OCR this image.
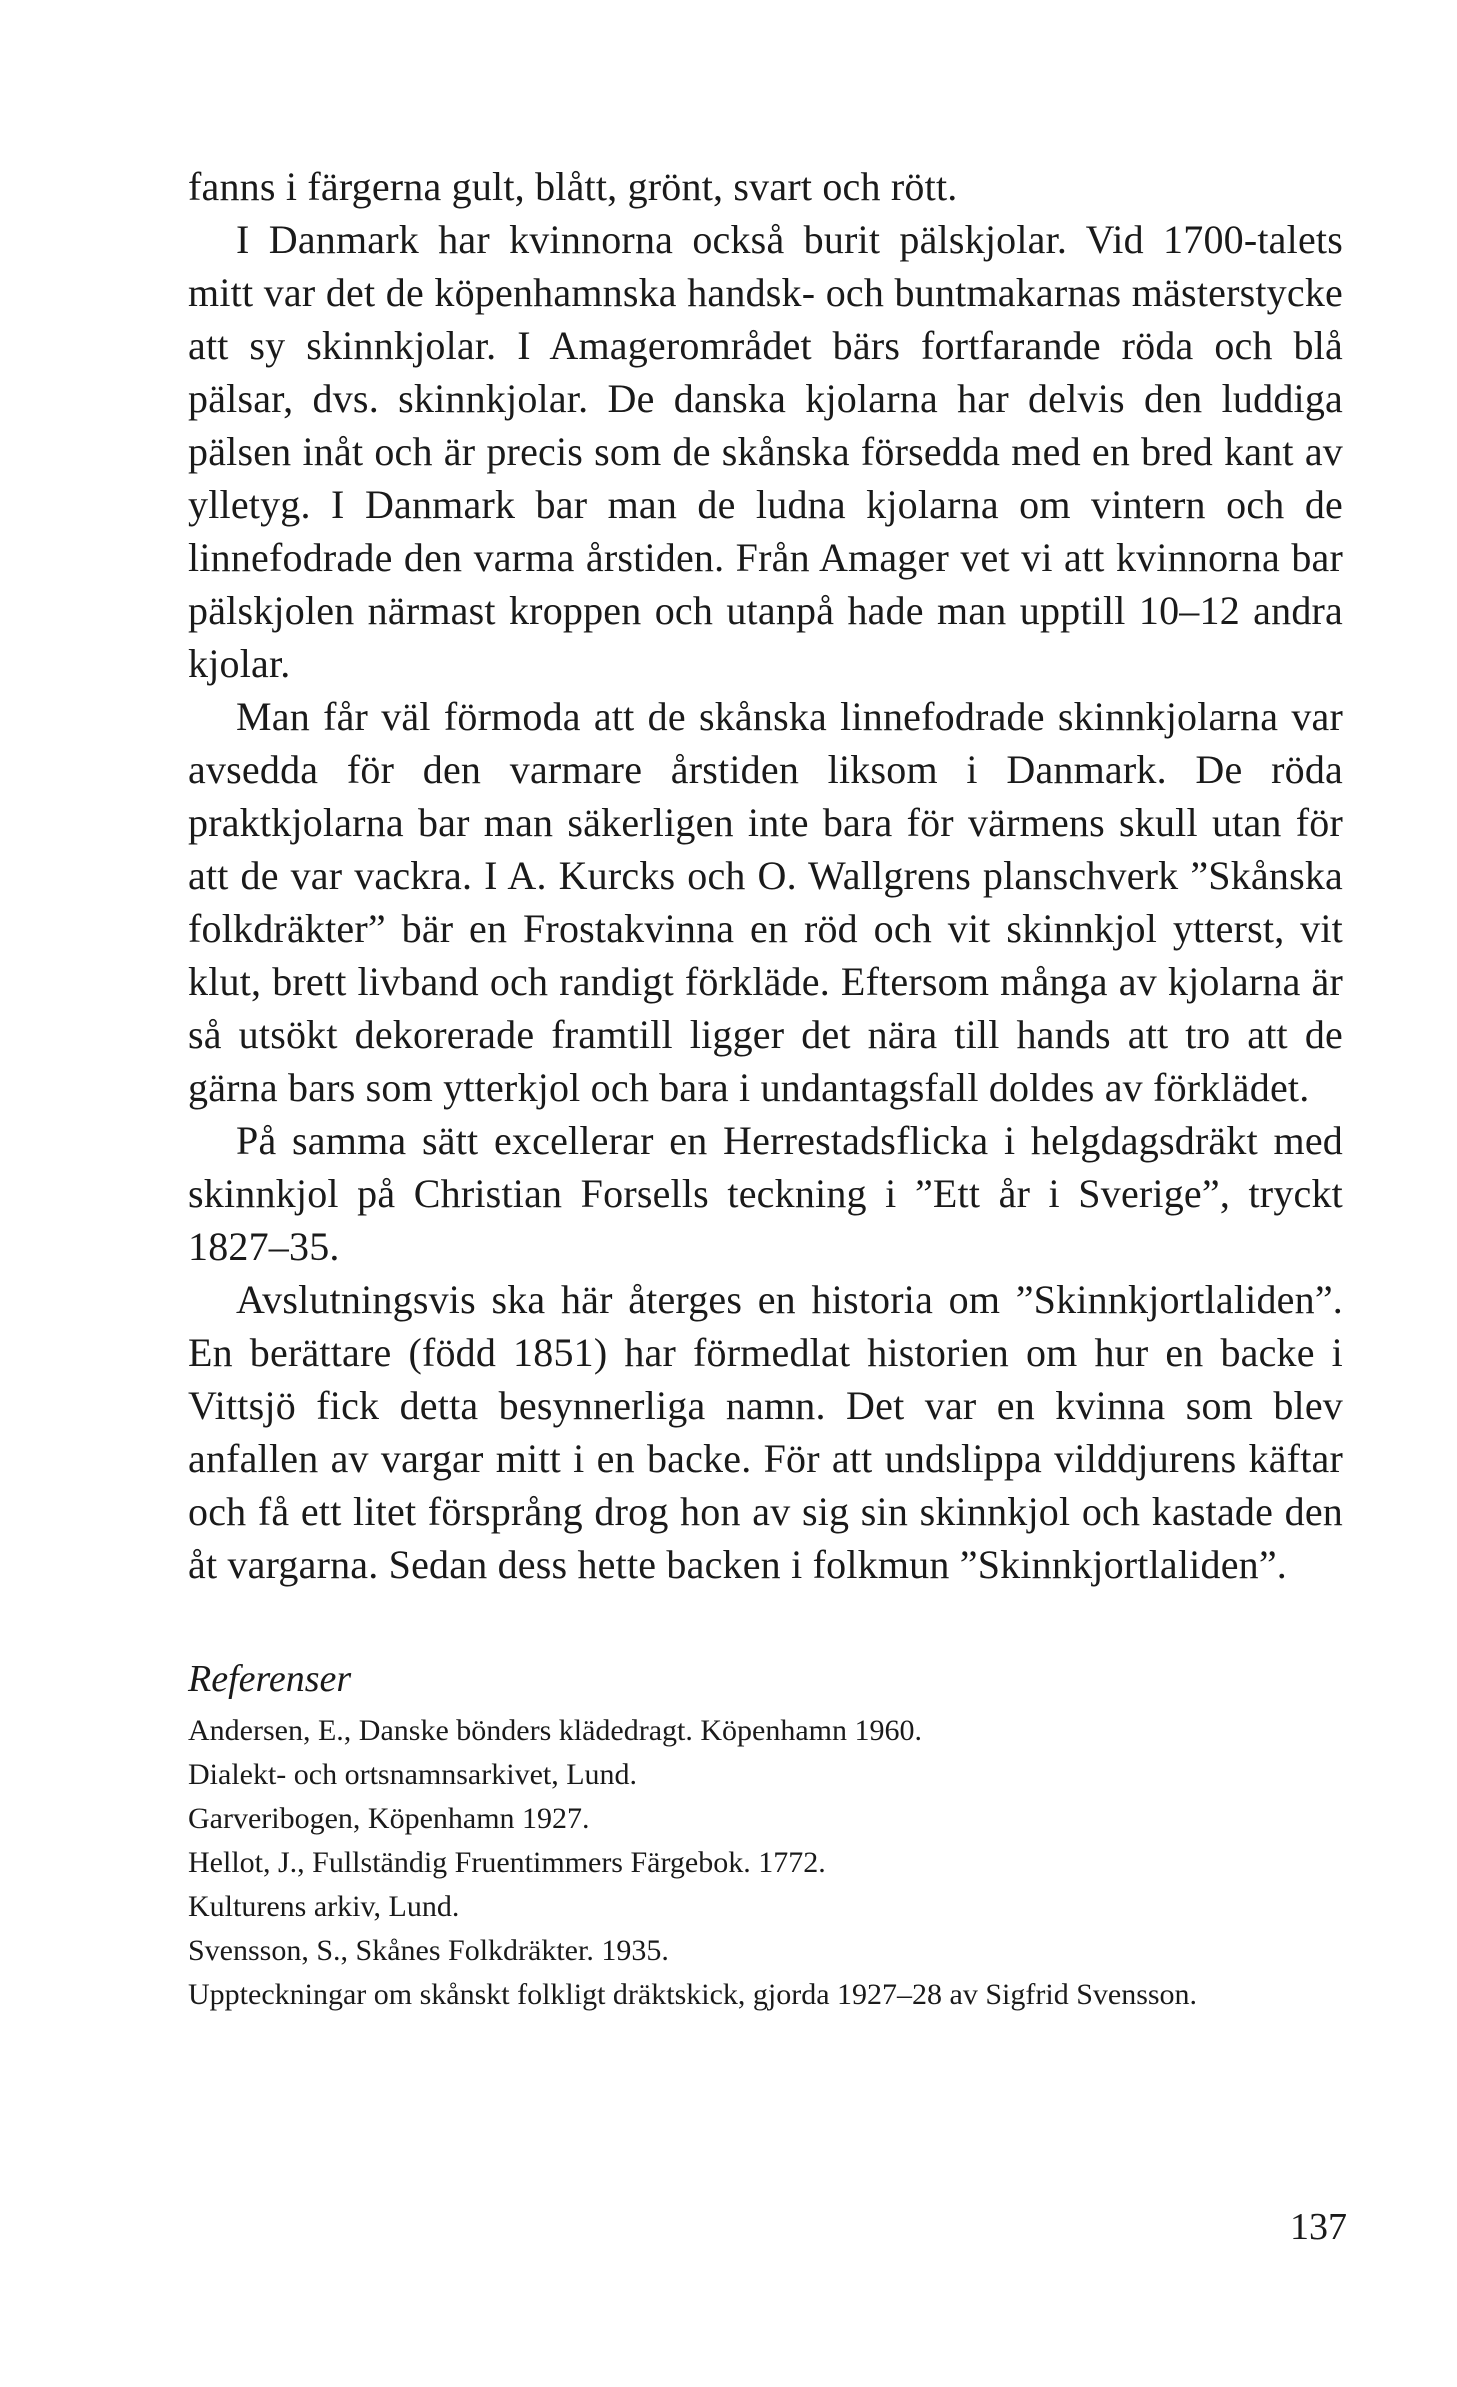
fanns i färgerna gult, blått, grönt, svart och rött.

I Danmark har kvinnorna också burit pälskjolar. Vid 1700-talets mitt var det de köpenhamnska handsk- och buntmakarnas mästerstycke att sy skinnkjolar. I Amagerområdet bärs fortfarande röda och blå pälsar, dvs. skinnkjolar. De danska kjolarna har delvis den luddiga pälsen inåt och är precis som de skånska försedda med en bred kant av ylletyg. I Danmark bar man de ludna kjolarna om vintern och de linnefodrade den varma årstiden. Från Amager vet vi att kvinnorna bar pälskjolen närmast kroppen och utanpå hade man upptill 10–12 andra kjolar.

Man får väl förmoda att de skånska linnefodrade skinnkjolarna var avsedda för den varmare årstiden liksom i Danmark. De röda praktkjolarna bar man säkerligen inte bara för värmens skull utan för att de var vackra. I A. Kurcks och O. Wallgrens planschverk ”Skånska folkdräkter” bär en Frostakvinna en röd och vit skinnkjol ytterst, vit klut, brett livband och randigt förkläde. Eftersom många av kjolarna är så utsökt dekorerade framtill ligger det nära till hands att tro att de gärna bars som ytterkjol och bara i undantagsfall doldes av förklädet.

På samma sätt excellerar en Herrestadsflicka i helgdagsdräkt med skinnkjol på Christian Forsells teckning i ”Ett år i Sverige”, tryckt 1827–35.

Avslutningsvis ska här återges en historia om ”Skinnkjortlaliden”. En berättare (född 1851) har förmedlat historien om hur en backe i Vittsjö fick detta besynnerliga namn. Det var en kvinna som blev anfallen av vargar mitt i en backe. För att undslippa vilddjurens käftar och få ett litet försprång drog hon av sig sin skinnkjol och kastade den åt vargarna. Sedan dess hette backen i folkmun ”Skinnkjortlaliden”.

Referenser
Andersen, E., Danske bönders klädedragt. Köpenhamn 1960.
Dialekt- och ortsnamnsarkivet, Lund.
Garveribogen, Köpenhamn 1927.
Hellot, J., Fullständig Fruentimmers Färgebok. 1772.
Kulturens arkiv, Lund.
Svensson, S., Skånes Folkdräkter. 1935.
Uppteckningar om skånskt folkligt dräktskick, gjorda 1927–28 av Sigfrid Svensson.
137
